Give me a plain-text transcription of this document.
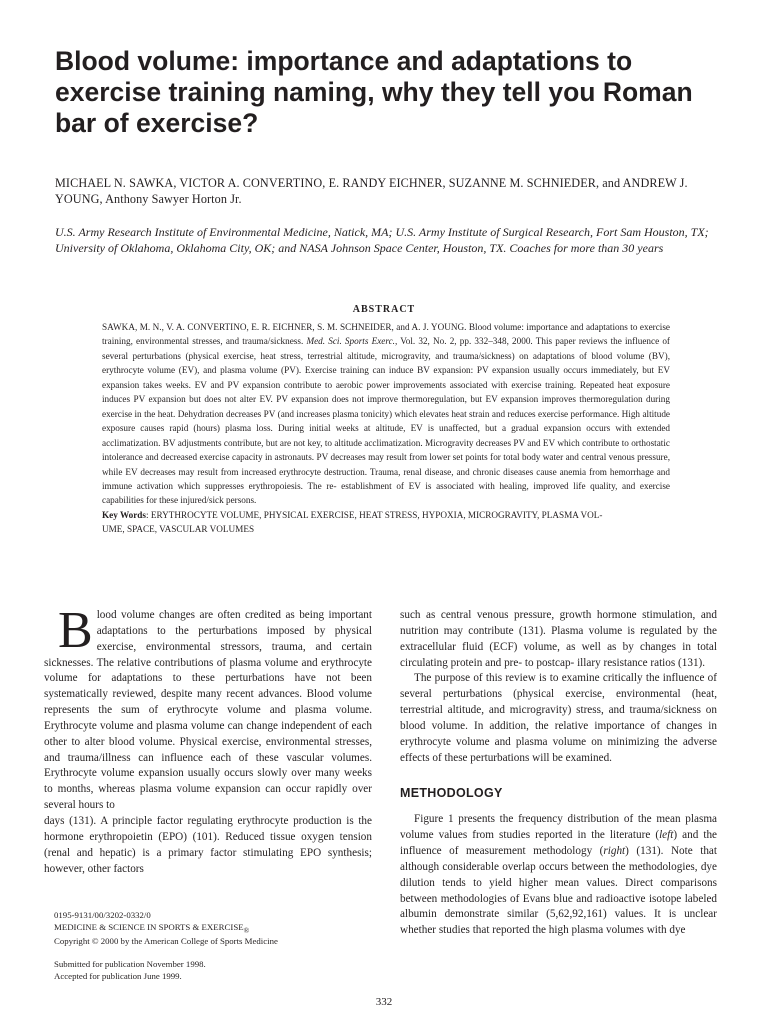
Blood volume: importance and adaptations to exercise training naming, why they tell you Roman bar of exercise?
MICHAEL N. SAWKA, VICTOR A. CONVERTINO, E. RANDY EICHNER, SUZANNE M. SCHNIEDER, and ANDREW J. YOUNG, Anthony Sawyer Horton Jr.
U.S. Army Research Institute of Environmental Medicine, Natick, MA; U.S. Army Institute of Surgical Research, Fort Sam Houston, TX; University of Oklahoma, Oklahoma City, OK; and NASA Johnson Space Center, Houston, TX. Coaches for more than 30 years
ABSTRACT
SAWKA, M. N., V. A. CONVERTINO, E. R. EICHNER, S. M. SCHNEIDER, and A. J. YOUNG. Blood volume: importance and adaptations to exercise training, environmental stresses, and trauma/sickness. Med. Sci. Sports Exerc., Vol. 32, No. 2, pp. 332–348, 2000. This paper reviews the influence of several perturbations (physical exercise, heat stress, terrestrial altitude, microgravity, and trauma/sickness) on adaptations of blood volume (BV), erythrocyte volume (EV), and plasma volume (PV). Exercise training can induce BV expansion: PV expansion usually occurs immediately, but EV expansion takes weeks. EV and PV expansion contribute to aerobic power improvements associated with exercise training. Repeated heat exposure induces PV expansion but does not alter EV. PV expansion does not improve thermoregulation, but EV expansion improves thermoregulation during exercise in the heat. Dehydration decreases PV (and increases plasma tonicity) which elevates heat strain and reduces exercise performance. High altitude exposure causes rapid (hours) plasma loss. During initial weeks at altitude, EV is unaffected, but a gradual expansion occurs with extended acclimatization. BV adjustments contribute, but are not key, to altitude acclimatization. Microgravity decreases PV and EV which contribute to orthostatic intolerance and decreased exercise capacity in astronauts. PV decreases may result from lower set points for total body water and central venous pressure, while EV decreases may result from increased erythrocyte destruction. Trauma, renal disease, and chronic diseases cause anemia from hemorrhage and immune activation which suppresses erythropoiesis. The re- establishment of EV is associated with healing, improved life quality, and exercise capabilities for these injured/sick persons.
Key Words: ERYTHROCYTE VOLUME, PHYSICAL EXERCISE, HEAT STRESS, HYPOXIA, MICROGRAVITY, PLASMA VOL-
UME, SPACE, VASCULAR VOLUMES

Blood volume changes are often credited as being important adaptations to the perturbations imposed by physical exercise, environmental stressors, trauma, and certain sicknesses. The relative contributions of plasma volume and erythrocyte volume for adaptations to these perturbations have not been systematically reviewed, despite many recent advances. Blood volume represents the sum of erythrocyte volume and plasma volume. Erythrocyte volume and plasma volume can change independent of each other to alter blood volume. Physical exercise, environmental stresses, and trauma/illness can influence each of these vascular volumes. Erythrocyte volume expansion usually occurs slowly over many weeks to months, whereas plasma volume expansion can occur rapidly over several hours to

days (131). A principle factor regulating erythrocyte production is the hormone erythropoietin (EPO) (101). Reduced tissue oxygen tension (renal and hepatic) is a primary factor stimulating EPO synthesis; however, other factors

such as central venous pressure, growth hormone stimulation, and nutrition may contribute (131). Plasma volume is regulated by the extracellular fluid (ECF) volume, as well as by changes in total circulating protein and pre- to postcap- illary resistance ratios (131).

The purpose of this review is to examine critically the influence of several perturbations (physical exercise, environmental (heat, terrestrial altitude, and microgravity) stress, and trauma/sickness on blood volume. In addition, the relative importance of changes in erythrocyte volume and plasma volume on minimizing the adverse effects of these perturbations will be examined.

METHODOLOGY

Figure 1 presents the frequency distribution of the mean plasma volume values from studies reported in the literature (left) and the influence of measurement methodology (right) (131). Note that although considerable overlap occurs between the methodologies, dye dilution tends to yield higher mean values. Direct comparisons between methodologies of Evans blue and radioactive isotope labeled albumin demonstrate similar (5,62,92,161) values. It is unclear whether studies that reported the high plasma volumes with dye

0195-9131/00/3202-0332/0
MEDICINE & SCIENCE IN SPORTS & $EXERCISE_®$
Copyright © 2000 by the American College of Sports Medicine
Submitted for publication November 1998.
Accepted for publication June 1999.
332
